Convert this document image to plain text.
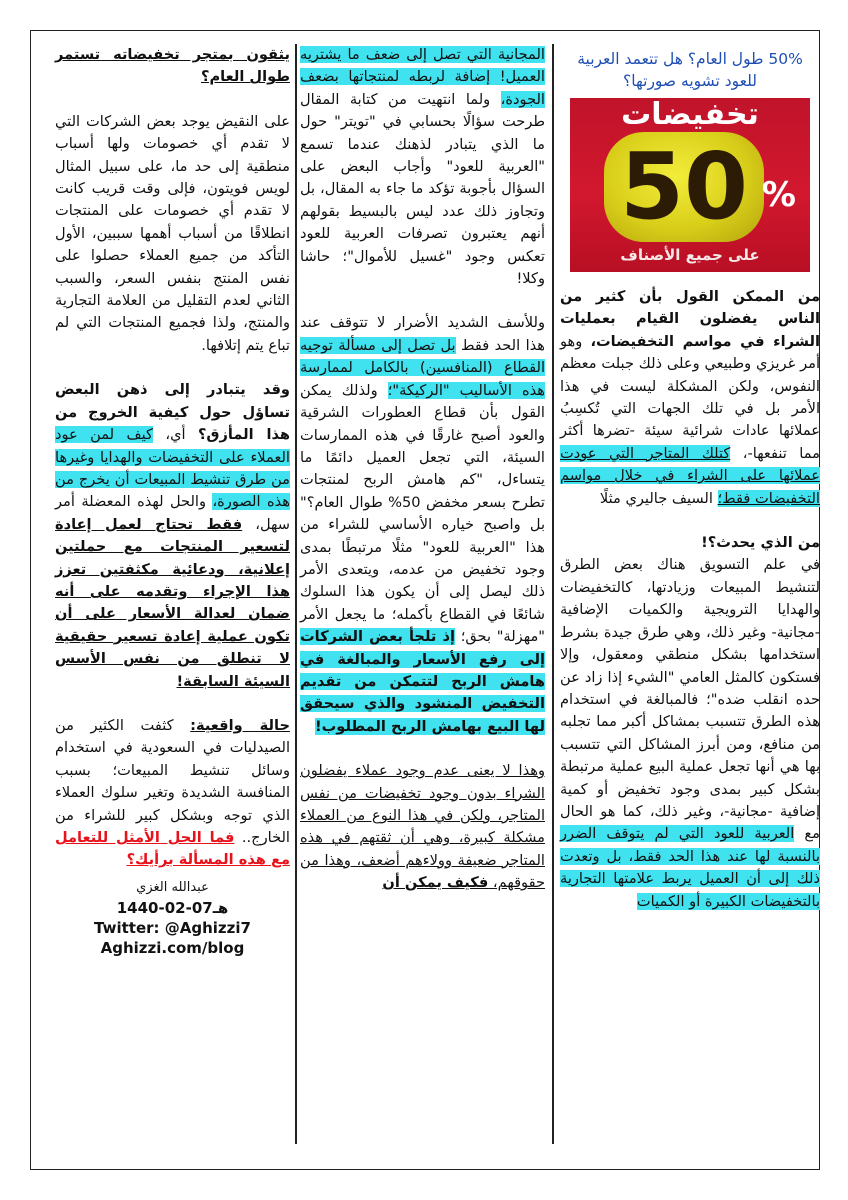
50% طول العام؟ هل تتعمد العربية للعود تشويه صورتها؟
تخفيضات
50 %
على جميع الأصناف

من الممكن القول بأن كثير من الناس يفضلون القيام بعمليات الشراء في مواسم التخفيضات، وهو أمر غريزي وطبيعي وعلى ذلك جبلت معظم النفوس، ولكن المشكلة ليست في هذا الأمر بل في تلك الجهات التي تُكسِبُ عملائها عادات شرائية سيئة -تضرها أكثر مما تنفعها-، كتلك المتاجر التي عودت عملائها على الشراء في خلال مواسم التخفيضات فقط؛ السيف جاليري مثلًا

من الذي يحدث؟!

في علم التسويق هناك بعض الطرق لتنشيط المبيعات وزيادتها، كالتخفيضات والهدايا الترويجية والكميات الإضافية -مجانية- وغير ذلك، وهي طرق جيدة بشرط استخدامها بشكل منطقي ومعقول، وإلا فستكون كالمثل العامي "الشيء إذا زاد عن حده انقلب ضده"؛ فالمبالغة في استخدام هذه الطرق تتسبب بمشاكل أكبر مما تجلبه من منافع، ومن أبرز المشاكل التي تتسبب بها هي أنها تجعل عملية البيع عملية مرتبطة بشكل كبير بمدى وجود تخفيض أو كمية إضافية -مجانية-، وغير ذلك، كما هو الحال مع العربية للعود التي لم يتوقف الضرر بالنسبة لها عند هذا الحد فقط، بل وتعدت ذلك إلى أن العميل يربط علامتها التجارية بالتخفيضات الكبيرة أو الكميات

المجانية التي تصل إلى ضعف ما يشتريه العميل! إضافة لربطه لمنتجاتها بضعف الجودة، ولما انتهيت من كتابة المقال طرحت سؤالًا بحسابي في "تويتر" حول ما الذي يتبادر لذهنك عندما تسمع "العربية للعود" وأجاب البعض على السؤال بأجوبة تؤكد ما جاء به المقال، بل وتجاوز ذلك عدد ليس بالبسيط بقولهم أنهم يعتبرون تصرفات العربية للعود تعكس وجود "غسيل للأموال"؛ حاشا وكلا!

وللأسف الشديد الأضرار لا تتوقف عند هذا الحد فقط بل تصل إلى مسألة توجيه القطاع (المنافسين) بالكامل لممارسة هذه الأساليب "الركيكة"؛ ولذلك يمكن القول بأن قطاع العطورات الشرقية والعود أصبح غارقًا في هذه الممارسات السيئة، التي تجعل العميل دائمًا ما يتساءل، "كم هامش الربح لمنتجات تطرح بسعر مخفض 50% طوال العام؟" بل واصبح خياره الأساسي للشراء من هذا "العربية للعود" مثلًا مرتبطًا بمدى وجود تخفيض من عدمه، ويتعدى الأمر ذلك ليصل إلى أن يكون هذا السلوك شائعًا في القطاع بأكمله؛ ما يجعل الأمر "مهزلة" بحق؛ إذ تلجأ بعض الشركات إلى رفع الأسعار والمبالغة في هامش الربح لتتمكن من تقديم التخفيض المنشود والذي سيحقق لها البيع بهامش الربح المطلوب!

وهذا لا يعنى عدم وجود عملاء يفضلون الشراء بدون وجود تخفيضات من نفس المتاجر، ولكن في هذا النوع من العملاء مشكلة كبيرة، وهي أن ثقتهم في هذه المتاجر ضعيفة وولاءهم أضعف، وهذا من حقوقهم، فكيف يمكن أن

يثقون بمتجر تخفيضاته تستمر طوال العام؟

على النقيض يوجد بعض الشركات التي لا تقدم أي خصومات ولها أسباب منطقية إلى حد ما، على سبيل المثال لويس فويتون، فإلى وقت قريب كانت لا تقدم أي خصومات على المنتجات انطلاقًا من أسباب أهمها سببين، الأول التأكد من جميع العملاء حصلوا على نفس المنتج بنفس السعر، والسبب الثاني لعدم التقليل من العلامة التجارية والمنتج، ولذا فجميع المنتجات التي لم تباع يتم إتلافها.

وقد يتبادر إلى ذهن البعض تساؤل حول كيفية الخروج من هذا المأزق؟ أي، كيف لمن عود العملاء على التخفيضات والهدايا وغيرها من طرق تنشيط المبيعات أن يخرج من هذه الصورة، والحل لهذه المعضلة أمر سهل، فقط تحتاج لعمل إعادة لتسعير المنتجات مع حملتين إعلانية، ودعائية مكثفتين تعزز هذا الإجراء وتقدمه على أنه ضمان لعدالة الأسعار على أن تكون عملية إعادة تسعير حقيقية لا تنطلق من نفس الأسس السيئة السابقة!

حالة واقعية: كثفت الكثير من الصيدليات في السعودية في استخدام وسائل تنشيط المبيعات؛ بسبب المنافسة الشديدة وتغير سلوك العملاء الذي توجه وبشكل كبير للشراء من الخارج.. فما الحل الأمثل للتعامل مع هذه المسألة برأيك؟

عبدالله الغزي
1440-02-07هـ
Twitter: @Aghizzi7
Aghizzi.com/blog
